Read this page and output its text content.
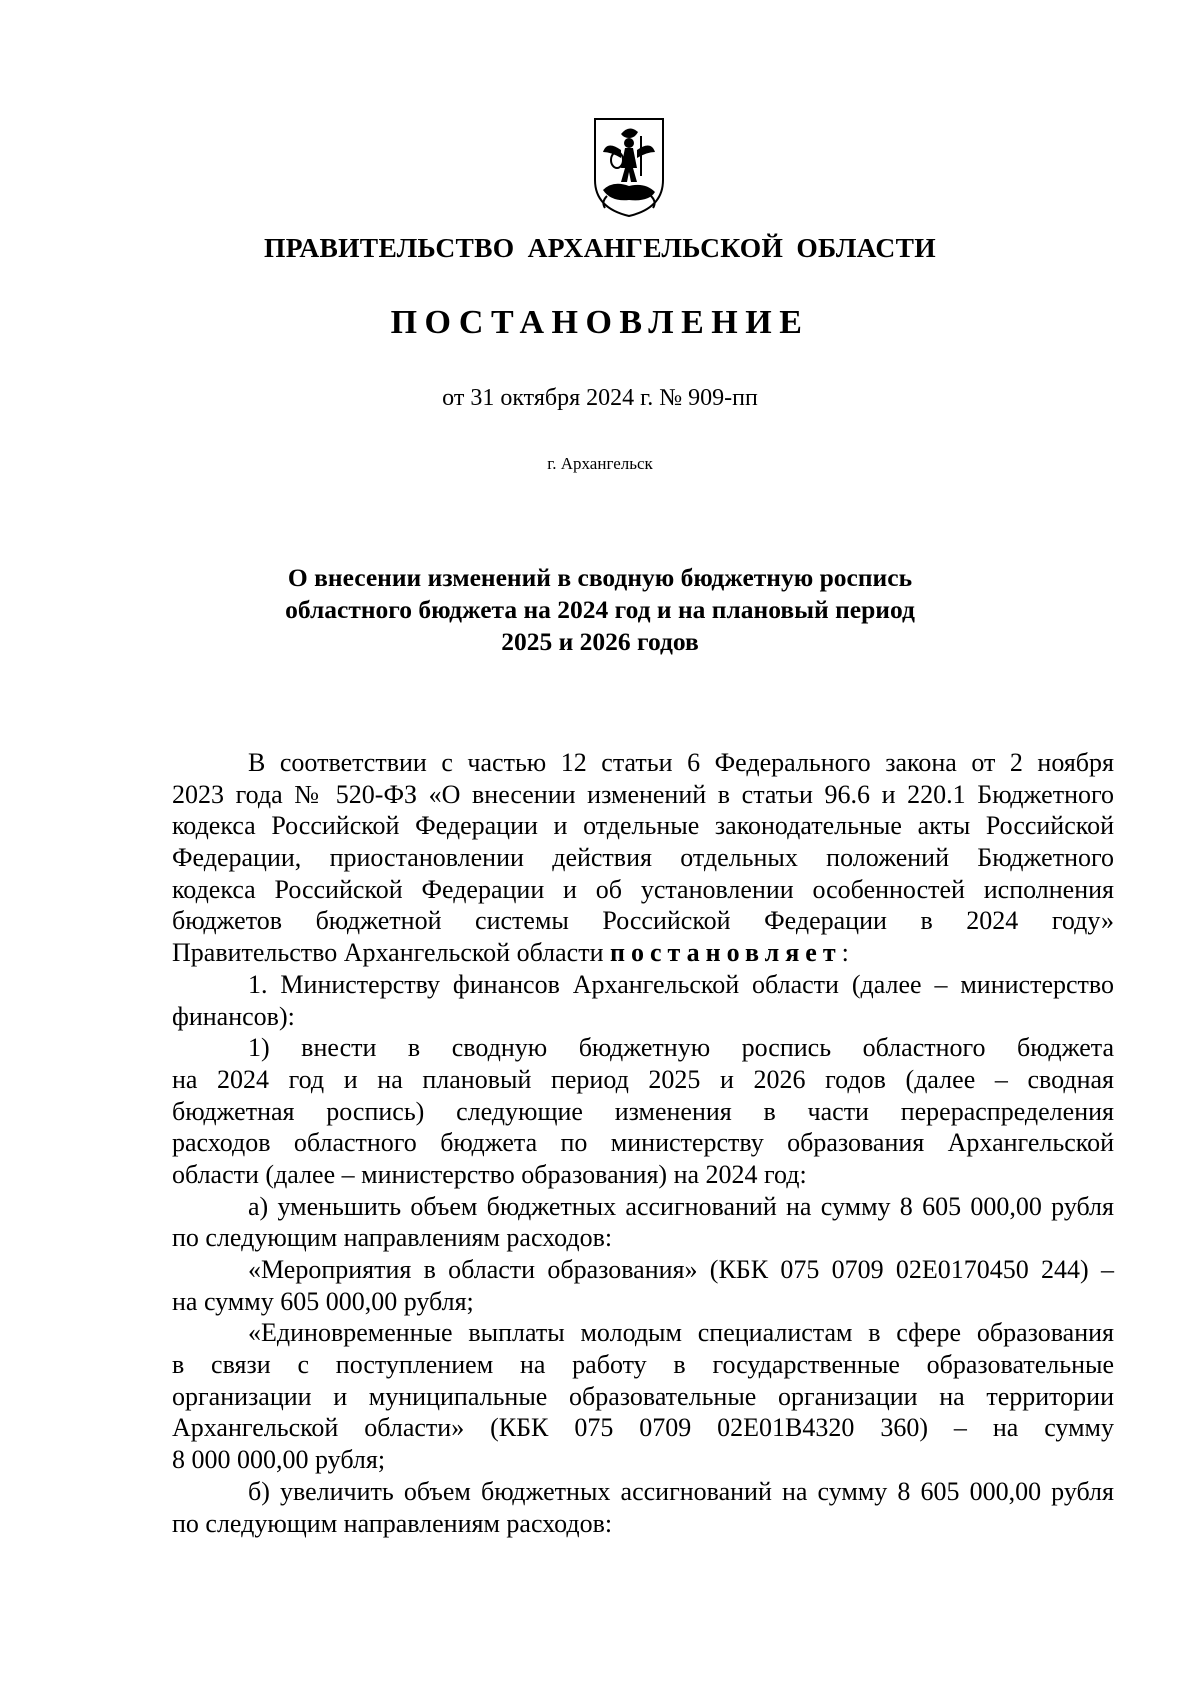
ПРАВИТЕЛЬСТВО АРХАНГЕЛЬСКОЙ ОБЛАСТИ
ПОСТАНОВЛЕНИЕ
от 31 октября 2024 г. № 909-пп
г. Архангельск
О внесении изменений в сводную бюджетную роспись
областного бюджета на 2024 год и на плановый период
2025 и 2026 годов
В соответствии с частью 12 статьи 6 Федерального закона от 2 ноября
2023 года № 520-ФЗ «О внесении изменений в статьи 96.6 и 220.1 Бюджетного
кодекса Российской Федерации и отдельные законодательные акты Российской
Федерации, приостановлении действия отдельных положений Бюджетного
кодекса Российской Федерации и об установлении особенностей исполнения
бюджетов бюджетной системы Российской Федерации в 2024 году»
Правительство Архангельской области постановляет:
1. Министерству финансов Архангельской области (далее – министерство
финансов):
1) внести в сводную бюджетную роспись областного бюджета
на 2024 год и на плановый период 2025 и 2026 годов (далее – сводная
бюджетная роспись) следующие изменения в части перераспределения
расходов областного бюджета по министерству образования Архангельской
области (далее – министерство образования) на 2024 год:
а) уменьшить объем бюджетных ассигнований на сумму 8 605 000,00 рубля
по следующим направлениям расходов:
«Мероприятия в области образования» (КБК 075 0709 02Е0170450 244) –
на сумму 605 000,00 рубля;
«Единовременные выплаты молодым специалистам в сфере образования
в связи с поступлением на работу в государственные образовательные
организации и муниципальные образовательные организации на территории
Архангельской области» (КБК 075 0709 02Е01В4320 360) – на сумму
8 000 000,00 рубля;
б) увеличить объем бюджетных ассигнований на сумму 8 605 000,00 рубля
по следующим направлениям расходов:
